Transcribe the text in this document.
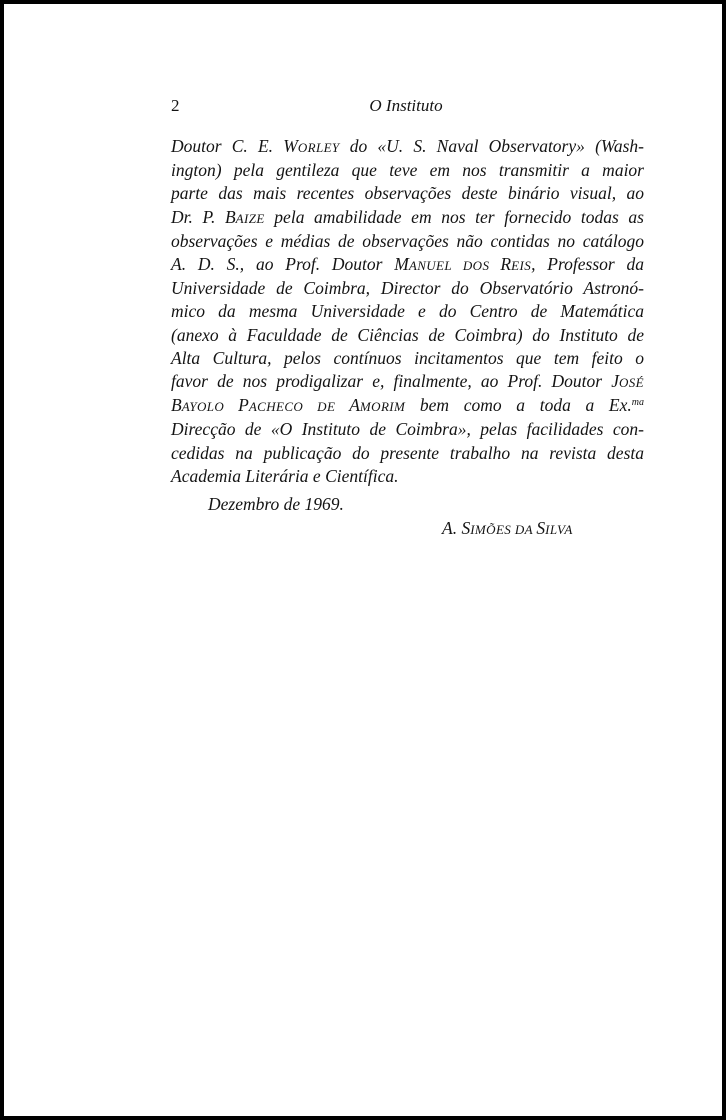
2	O Instituto
Doutor C. E. WORLEY do «U. S. Naval Observatory» (Wash-
ington) pela gentileza que teve em nos transmitir a maior
parte das mais recentes observações deste binário visual, ao
Dr. P. BAIZE pela amabilidade em nos ter fornecido todas as
observações e médias de observações não contidas no catálogo
A. D. S., ao Prof. Doutor MANUEL DOS REIS, Professor da
Universidade de Coimbra, Director do Observatório Astronó-
mico da mesma Universidade e do Centro de Matemática
(anexo à Faculdade de Ciências de Coimbra) do Instituto de
Alta Cultura, pelos contínuos incitamentos que tem feito o
favor de nos prodigalizar e, finalmente, ao Prof. Doutor JOSÉ
BAYOLO PACHECO DE AMORIM bem como a toda a Ex.$^{ma}$
Direcção de «O Instituto de Coimbra», pelas facilidades con-
cedidas na publicação do presente trabalho na revista desta
Academia Literária e Científica.
Dezembro de 1969.
A. SIMÕES DA SILVA
